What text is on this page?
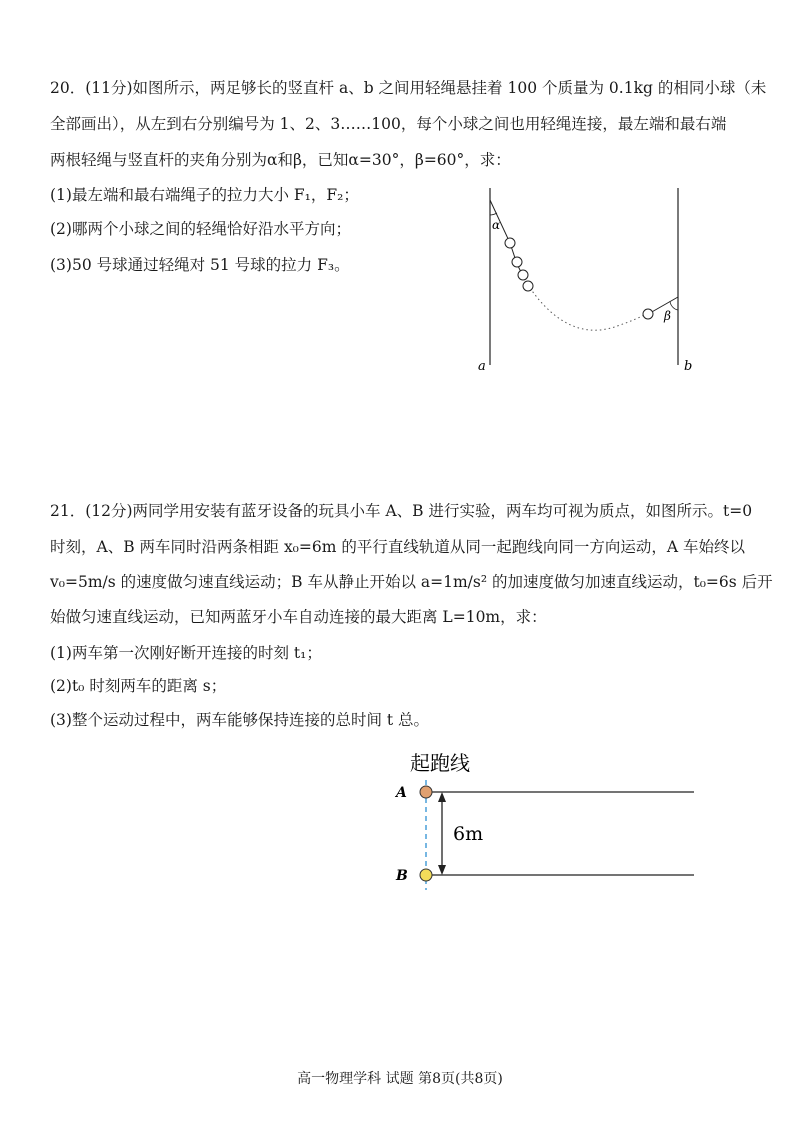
20．(11分)如图所示，两足够长的竖直杆 a、b 之间用轻绳悬挂着 100 个质量为 0.1kg 的相同小球（未
全部画出），从左到右分别编号为 1、2、3……100，每个小球之间也用轻绳连接，最左端和最右端
两根轻绳与竖直杆的夹角分别为α和β，已知α=30°，β=60°，求：
(1)最左端和最右端绳子的拉力大小 F₁，F₂；
(2)哪两个小球之间的轻绳恰好沿水平方向；
(3)50 号球通过轻绳对 51 号球的拉力 F₃。
α
β
a	b
21．(12分)两同学用安装有蓝牙设备的玩具小车 A、B 进行实验，两车均可视为质点，如图所示。t=0
时刻，A、B 两车同时沿两条相距 x₀=6m 的平行直线轨道从同一起跑线向同一方向运动，A 车始终以
v₀=5m/s 的速度做匀速直线运动；B 车从静止开始以 a=1m/s² 的加速度做匀加速直线运动，t₀=6s 后开
始做匀速直线运动，已知两蓝牙小车自动连接的最大距离 L=10m，求：
(1)两车第一次刚好断开连接的时刻 t₁；
(2)t₀ 时刻两车的距离 s；
(3)整个运动过程中，两车能够保持连接的总时间 t 总。
起跑线
6m
A
B
高一物理学科 试题 第8页(共8页)
